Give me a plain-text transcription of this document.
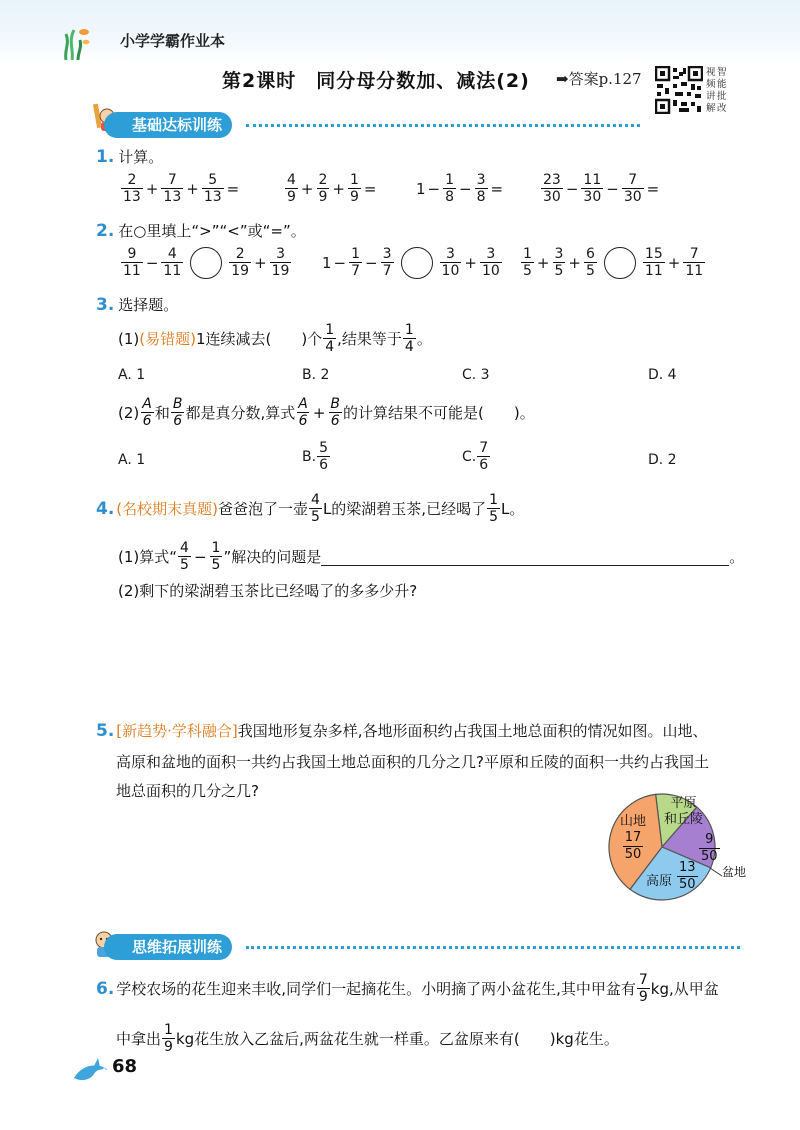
小学学霸作业本
第2课时　同分母分数加、减法(2) ➡答案p.127	视 智
频 能
讲 批
解 改
基础达标训练
1. 计算。
$\frac{2}{13} + \frac{7}{13} + \frac{5}{13}$ =	$\frac{4}{9} + \frac{2}{9} + \frac{1}{9}$ =	$1 - \frac{1}{8} - \frac{3}{8}$ =	$\frac{23}{30} - \frac{11}{30} - \frac{7}{30}$ =
2. 在○里填上“>”“<”或“=”。
$\frac{9}{11} - \frac{4}{11}$	$\frac{2}{19} + \frac{3}{19} 1 - \frac{1}{7} - \frac{3}{7}$	$\frac{3}{10} + \frac{3}{10} \frac{1}{5} + \frac{3}{5} + \frac{6}{5}$	$\frac{15}{11} + \frac{7}{11}$
3. 选择题。
(1) (易错题) 1连续减去(　　)个 $\frac{1}{4}$ ,结果等于 $\frac{1}{4}$ 。
A. 1	B. 2	C. 3	D. 4
$(2) \frac{A}{6}$ 和 $\frac{B}{6}$ 都是真分数,算式 $\frac{A}{6} + \frac{B}{6}$ 的计算结果不可能是(　　)。
A. 1	B. $\frac{5}{6}$	C. $\frac{7}{6}$	D. 2
4. (名校期末真题) 爸爸泡了一壶 $\frac{4}{5}$ L的梁湖碧玉茶,已经喝了 $\frac{1}{5}$ L。
(1)算式“ $\frac{4}{5} - \frac{1}{5}$ ”解决的问题是	。
(2)剩下的梁湖碧玉茶比已经喝了的多多少升?
5. [新趋势·学科融合] 我国地形复杂多样,各地形面积约占我国土地总面积的情况如图。山地、
高原和盆地的面积一共约占我国土地总面积的几分之几?平原和丘陵的面积一共约占我国土
地总面积的几分之几?
山地
$\frac{17}{50}$
平原
和丘陵
$\frac{9}{50}$
盆地
高原 $\frac{13}{50}$
思维拓展训练
6. 学校农场的花生迎来丰收,同学们一起摘花生。小明摘了两小盆花生,其中甲盆有 $\frac{7}{9}$ kg,从甲盆
中拿出 $\frac{1}{9}$ kg花生放入乙盆后,两盆花生就一样重。乙盆原来有(　　)kg花生。
68
